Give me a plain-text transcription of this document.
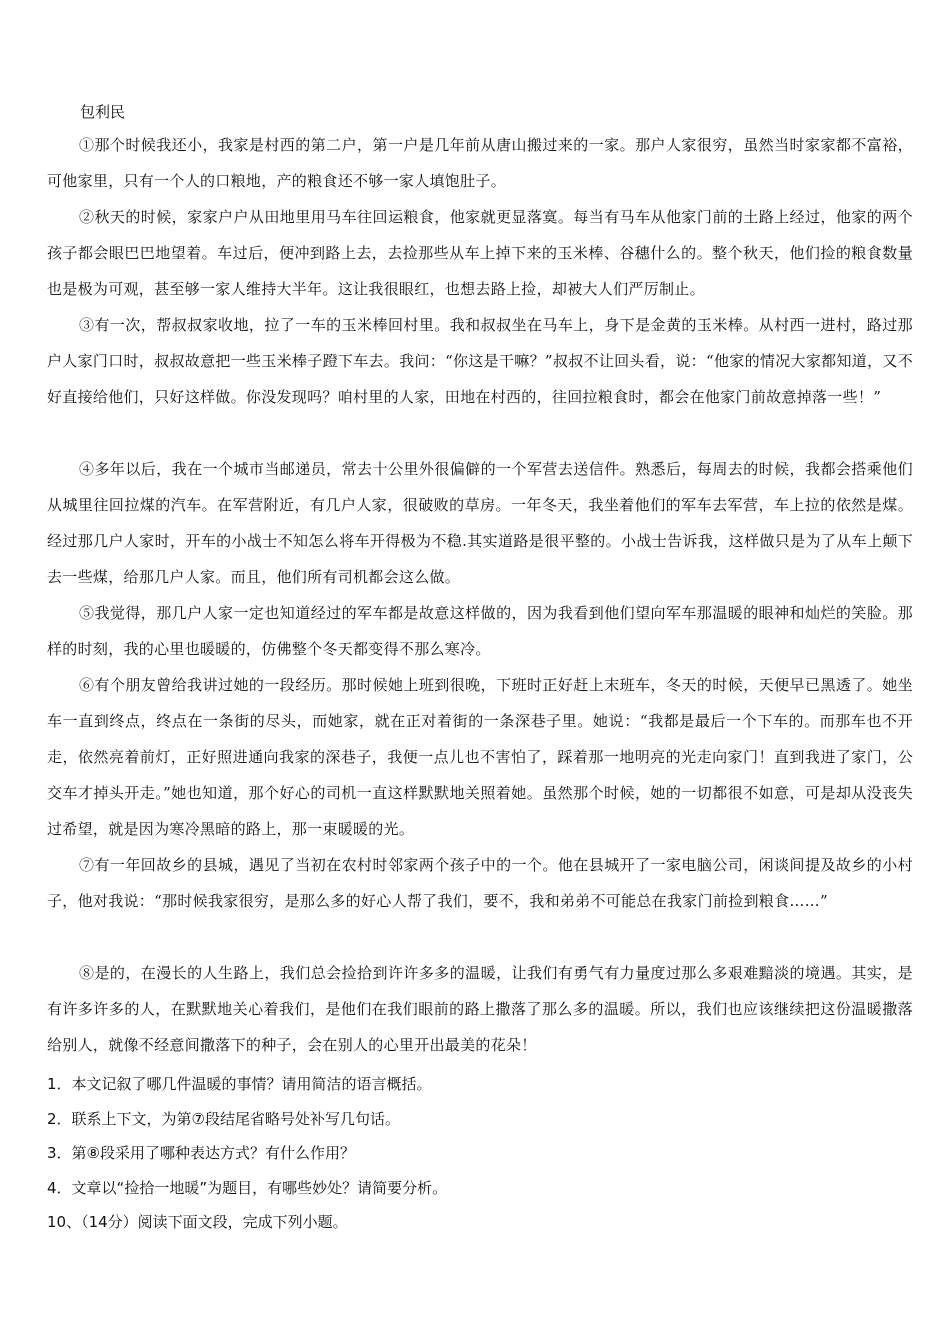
包利民

①那个时候我还小，我家是村西的第二户，第一户是几年前从唐山搬过来的一家。那户人家很穷，虽然当时家家都不富裕，可他家里，只有一个人的口粮地，产的粮食还不够一家人填饱肚子。

②秋天的时候，家家户户从田地里用马车往回运粮食，他家就更显落寞。每当有马车从他家门前的土路上经过，他家的两个孩子都会眼巴巴地望着。车过后，便冲到路上去，去捡那些从车上掉下来的玉米棒、谷穗什么的。整个秋天，他们捡的粮食数量也是极为可观，甚至够一家人维持大半年。这让我很眼红，也想去路上捡，却被大人们严厉制止。

③有一次，帮叔叔家收地，拉了一车的玉米棒回村里。我和叔叔坐在马车上，身下是金黄的玉米棒。从村西一进村，路过那户人家门口时，叔叔故意把一些玉米棒子蹬下车去。我问：“你这是干嘛？”叔叔不让回头看，说：“他家的情况大家都知道，又不好直接给他们，只好这样做。你没发现吗？咱村里的人家，田地在村西的，往回拉粮食时，都会在他家门前故意掉落一些！”

④多年以后，我在一个城市当邮递员，常去十公里外很偏僻的一个军营去送信件。熟悉后，每周去的时候，我都会搭乘他们从城里往回拉煤的汽车。在军营附近，有几户人家，很破败的草房。一年冬天，我坐着他们的军车去军营，车上拉的依然是煤。经过那几户人家时，开车的小战士不知怎么将车开得极为不稳.其实道路是很平整的。小战士告诉我，这样做只是为了从车上颠下去一些煤，给那几户人家。而且，他们所有司机都会这么做。

⑤我觉得，那几户人家一定也知道经过的军车都是故意这样做的，因为我看到他们望向军车那温暖的眼神和灿烂的笑脸。那样的时刻，我的心里也暖暖的，仿佛整个冬天都变得不那么寒冷。

⑥有个朋友曾给我讲过她的一段经历。那时候她上班到很晚，下班时正好赶上末班车，冬天的时候，天便早已黑透了。她坐车一直到终点，终点在一条街的尽头，而她家，就在正对着街的一条深巷子里。她说：“我都是最后一个下车的。而那车也不开走，依然亮着前灯，正好照进通向我家的深巷子，我便一点儿也不害怕了，踩着那一地明亮的光走向家门！直到我进了家门，公交车才掉头开走。”她也知道，那个好心的司机一直这样默默地关照着她。虽然那个时候，她的一切都很不如意，可是却从没丧失过希望，就是因为寒冷黑暗的路上，那一束暖暖的光。

⑦有一年回故乡的县城，遇见了当初在农村时邻家两个孩子中的一个。他在县城开了一家电脑公司，闲谈间提及故乡的小村子，他对我说：“那时候我家很穷，是那么多的好心人帮了我们，要不，我和弟弟不可能总在我家门前捡到粮食……”

⑧是的，在漫长的人生路上，我们总会捡拾到许许多多的温暖，让我们有勇气有力量度过那么多艰难黯淡的境遇。其实，是有许多许多的人，在默默地关心着我们，是他们在我们眼前的路上撒落了那么多的温暖。所以，我们也应该继续把这份温暖撒落给别人，就像不经意间撒落下的种子，会在别人的心里开出最美的花朵！

1．本文记叙了哪几件温暖的事情？请用简洁的语言概括。

2．联系上下文，为第⑦段结尾省略号处补写几句话。

3．第⑧段采用了哪种表达方式？有什么作用？

4．文章以“捡拾一地暖”为题目，有哪些妙处？请简要分析。

10、（14分）阅读下面文段，完成下列小题。
